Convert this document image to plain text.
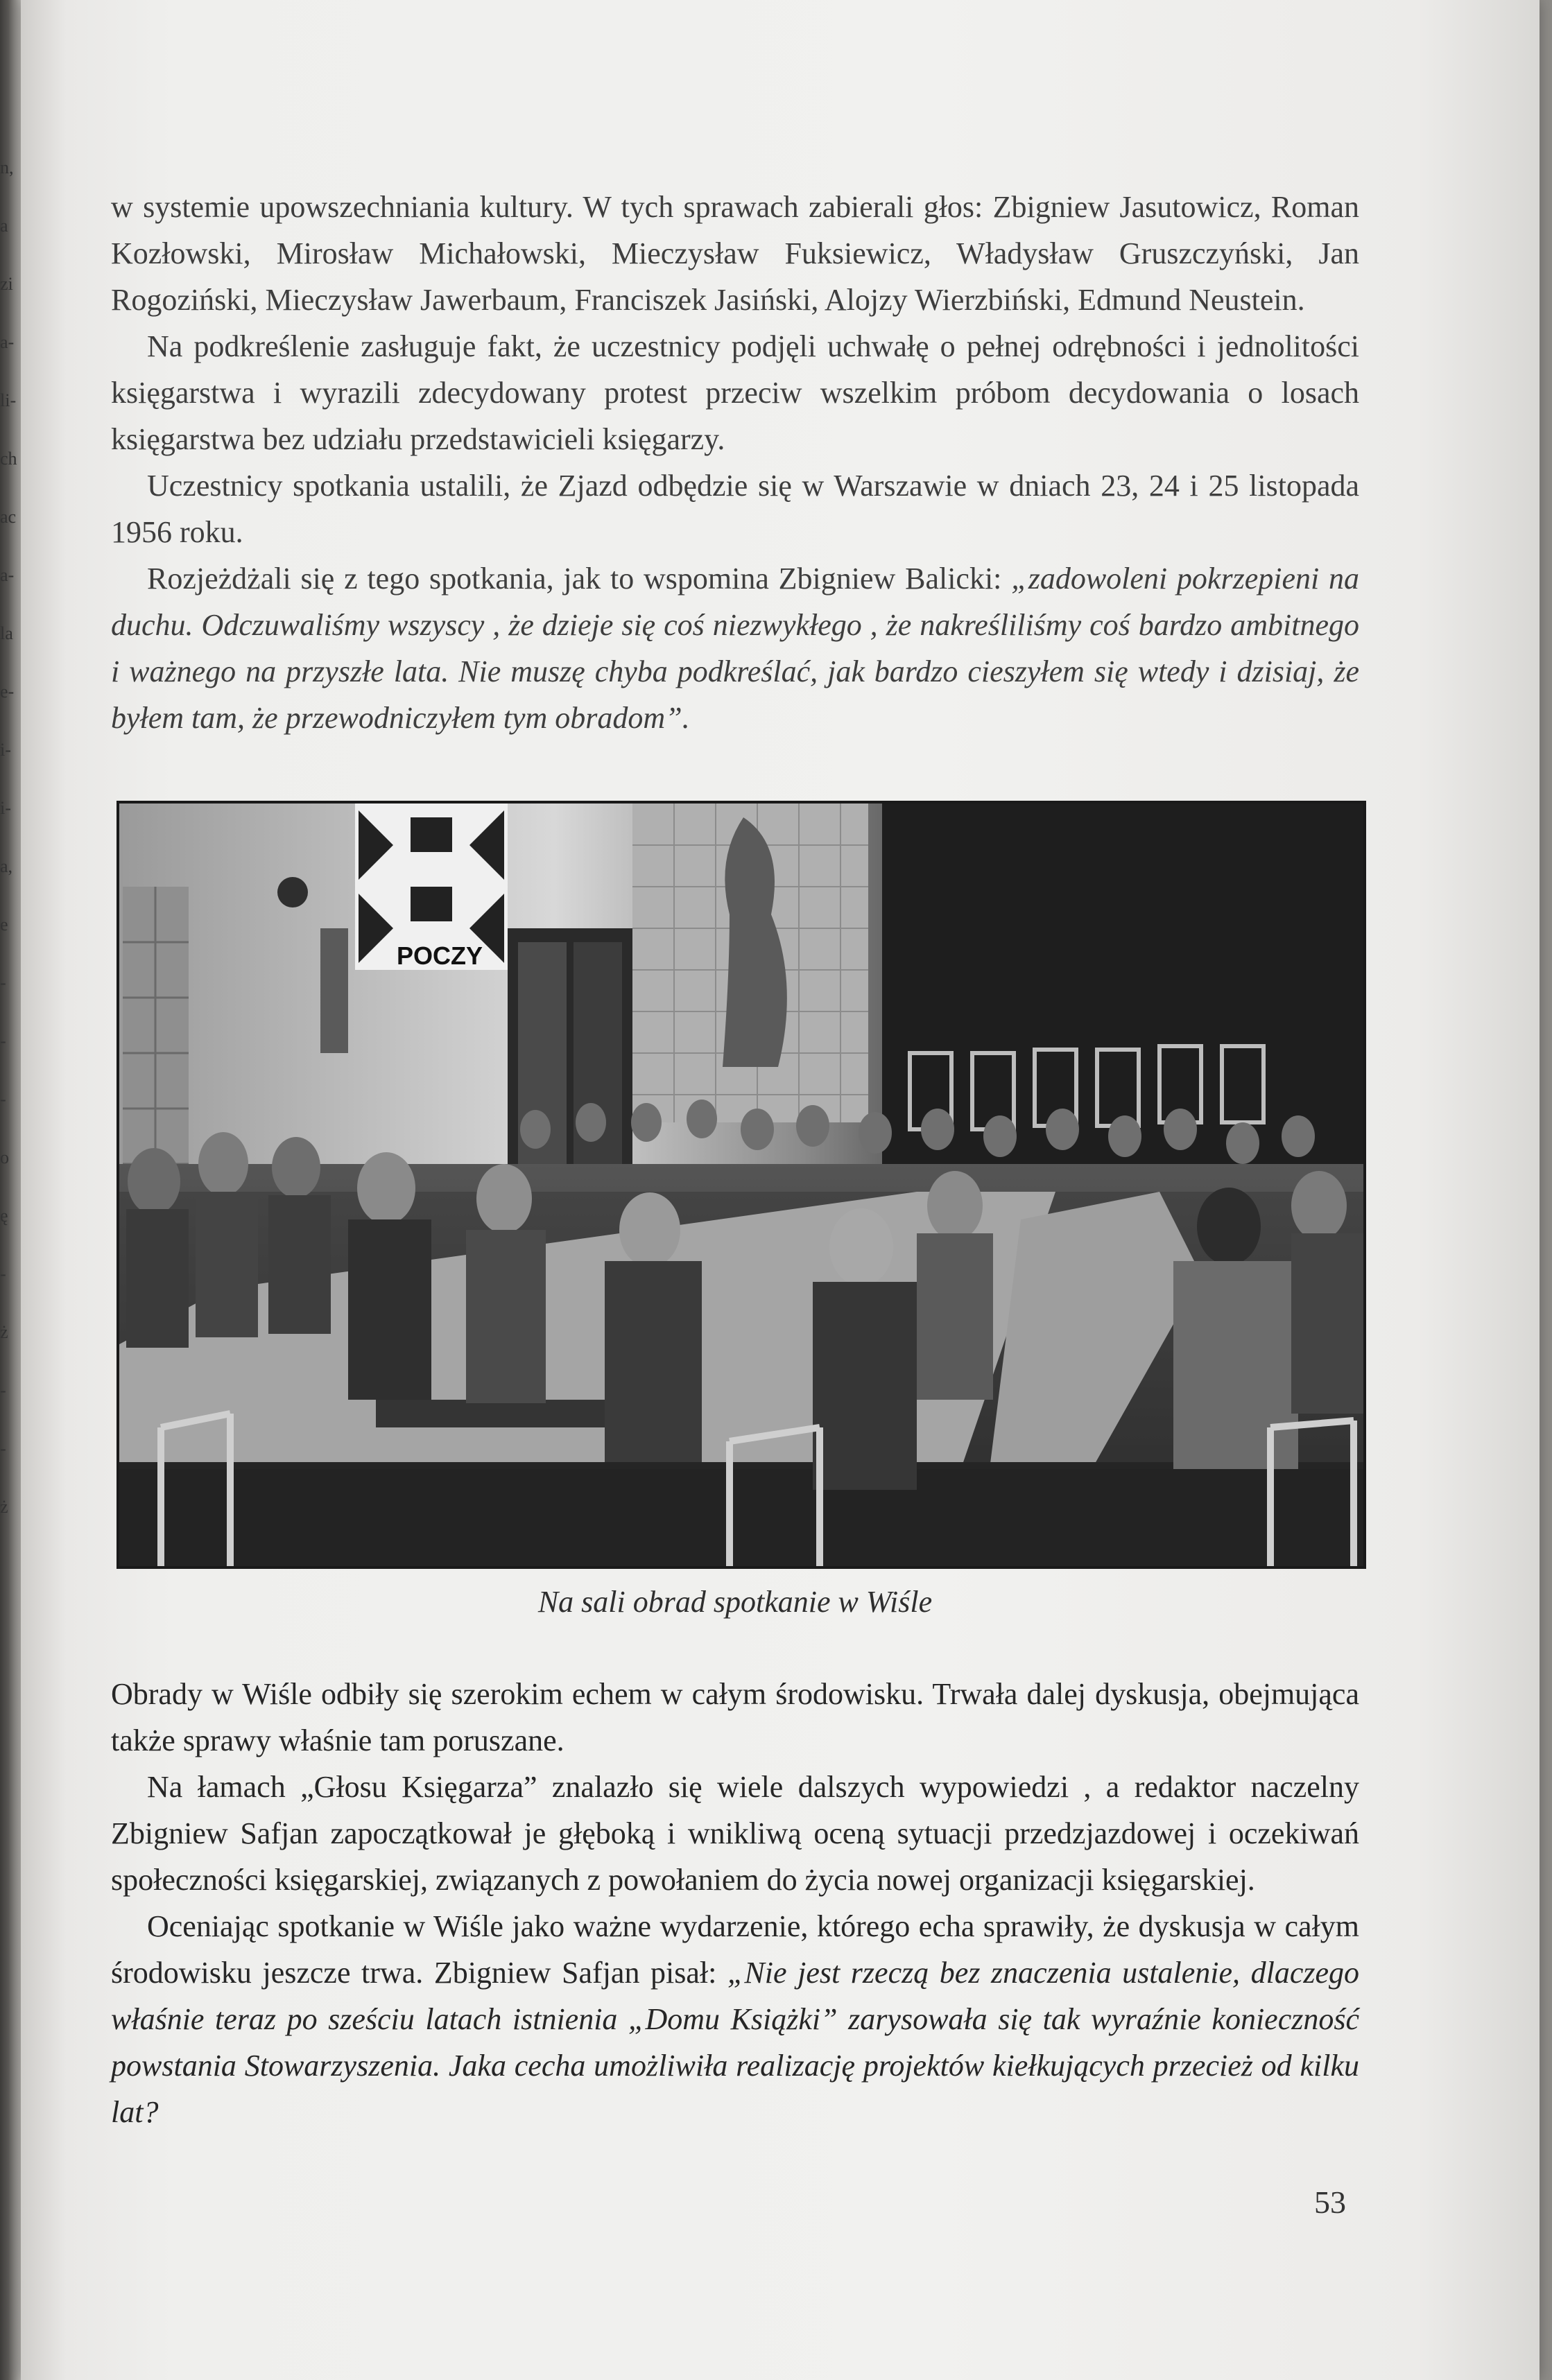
n,
a
zi
a-
li-
ch
ac
a-
la
e-
i-
i-
a,
e
-
-
-
o
ę
-
ż
-
-
ż

w systemie upowszechniania kultury. W tych sprawach zabierali głos: Zbigniew Jasutowicz, Roman Kozłowski, Mirosław Michałowski, Mieczysław Fuksiewicz, Władysław Gruszczyński, Jan Rogoziński, Mieczysław Jawerbaum, Franciszek Jasiński, Alojzy Wierzbiński, Edmund Neustein.

Na podkreślenie zasługuje fakt, że uczestnicy podjęli uchwałę o pełnej odrębności i jednolitości księgarstwa i wyrazili zdecydowany protest przeciw wszelkim próbom decydowania o losach księgarstwa bez udziału przedstawicieli księgarzy.

Uczestnicy spotkania ustalili, że Zjazd odbędzie się w Warszawie w dniach 23, 24 i 25 listopada 1956 roku.

Rozjeżdżali się z tego spotkania, jak to wspomina Zbigniew Balicki: „zadowoleni pokrzepieni na duchu. Odczuwaliśmy wszyscy , że dzieje się coś niezwykłego , że nakreśliliśmy coś bardzo ambitnego i ważnego na przyszłe lata. Nie muszę chyba podkreślać, jak bardzo cieszyłem się wtedy i dzisiaj, że byłem tam, że przewodniczyłem tym obradom”.

POCZY
Na sali obrad spotkanie w Wiśle

Obrady w Wiśle odbiły się szerokim echem w całym środowisku. Trwała dalej dyskusja, obejmująca także sprawy właśnie tam poruszane.

Na łamach „Głosu Księgarza” znalazło się wiele dalszych wypowiedzi , a redaktor naczelny Zbigniew Safjan zapoczątkował je głęboką i wnikliwą oceną sytuacji przedzjazdowej i oczekiwań społeczności księgarskiej, związanych z powołaniem do życia nowej organizacji księgarskiej.

Oceniając spotkanie w Wiśle jako ważne wydarzenie, którego echa sprawiły, że dyskusja w całym środowisku jeszcze trwa. Zbigniew Safjan pisał: „Nie jest rzeczą bez znaczenia ustalenie, dlaczego właśnie teraz po sześciu latach istnienia „Domu Książki” zarysowała się tak wyraźnie konieczność powstania Stowarzyszenia. Jaka cecha umożliwiła realizację projektów kiełkujących przecież od kilku lat?

53
